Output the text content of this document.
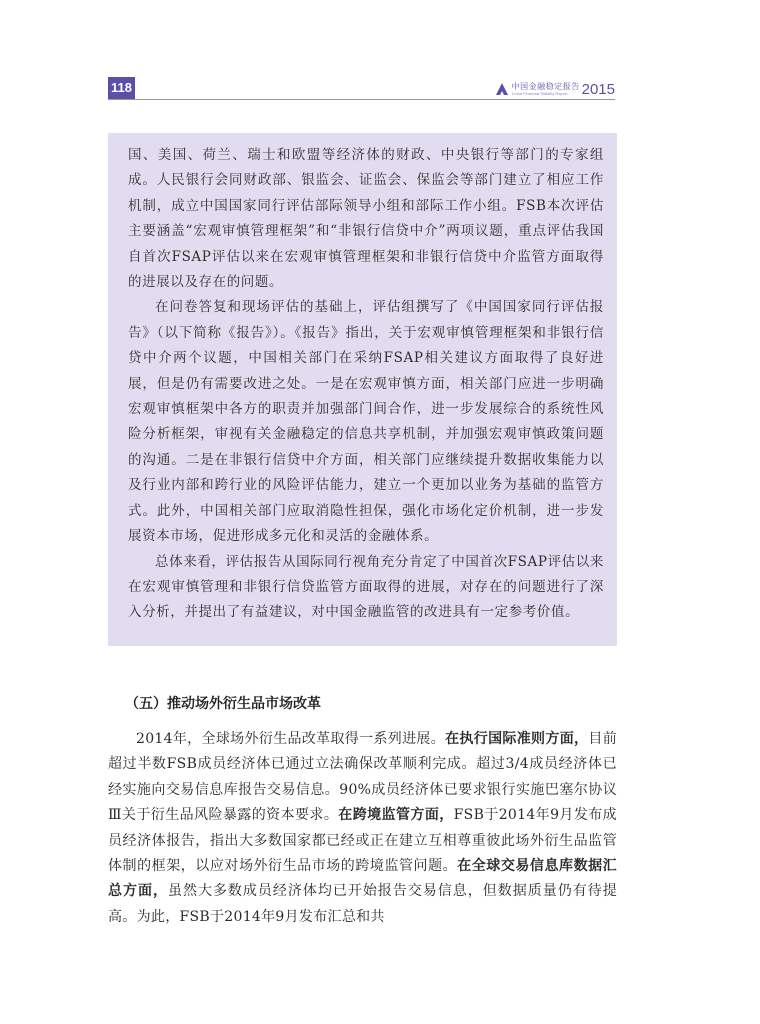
118	中国金融稳定报告
China Financial Stability Report 2015

国、美国、荷兰、瑞士和欧盟等经济体的财政、中央银行等部门的专家组成。人民银行会同财政部、银监会、证监会、保监会等部门建立了相应工作机制，成立中国国家同行评估部际领导小组和部际工作小组。FSB本次评估主要涵盖“宏观审慎管理框架”和“非银行信贷中介”两项议题，重点评估我国自首次FSAP评估以来在宏观审慎管理框架和非银行信贷中介监管方面取得的进展以及存在的问题。

在问卷答复和现场评估的基础上，评估组撰写了《中国国家同行评估报告》（以下简称《报告》）。《报告》指出，关于宏观审慎管理框架和非银行信贷中介两个议题，中国相关部门在采纳FSAP相关建议方面取得了良好进展，但是仍有需要改进之处。一是在宏观审慎方面，相关部门应进一步明确宏观审慎框架中各方的职责并加强部门间合作，进一步发展综合的系统性风险分析框架，审视有关金融稳定的信息共享机制，并加强宏观审慎政策问题的沟通。二是在非银行信贷中介方面，相关部门应继续提升数据收集能力以及行业内部和跨行业的风险评估能力，建立一个更加以业务为基础的监管方式。此外，中国相关部门应取消隐性担保，强化市场化定价机制，进一步发展资本市场，促进形成多元化和灵活的金融体系。

总体来看，评估报告从国际同行视角充分肯定了中国首次FSAP评估以来在宏观审慎管理和非银行信贷监管方面取得的进展，对存在的问题进行了深入分析，并提出了有益建议，对中国金融监管的改进具有一定参考价值。

（五）推动场外衍生品市场改革

2014年，全球场外衍生品改革取得一系列进展。在执行国际准则方面，目前超过半数FSB成员经济体已通过立法确保改革顺利完成。超过3/4成员经济体已经实施向交易信息库报告交易信息。90%成员经济体已要求银行实施巴塞尔协议Ⅲ关于衍生品风险暴露的资本要求。在跨境监管方面，FSB于2014年9月发布成员经济体报告，指出大多数国家都已经或正在建立互相尊重彼此场外衍生品监管体制的框架，以应对场外衍生品市场的跨境监管问题。在全球交易信息库数据汇总方面，虽然大多数成员经济体均已开始报告交易信息，但数据质量仍有待提高。为此，FSB于2014年9月发布汇总和共
